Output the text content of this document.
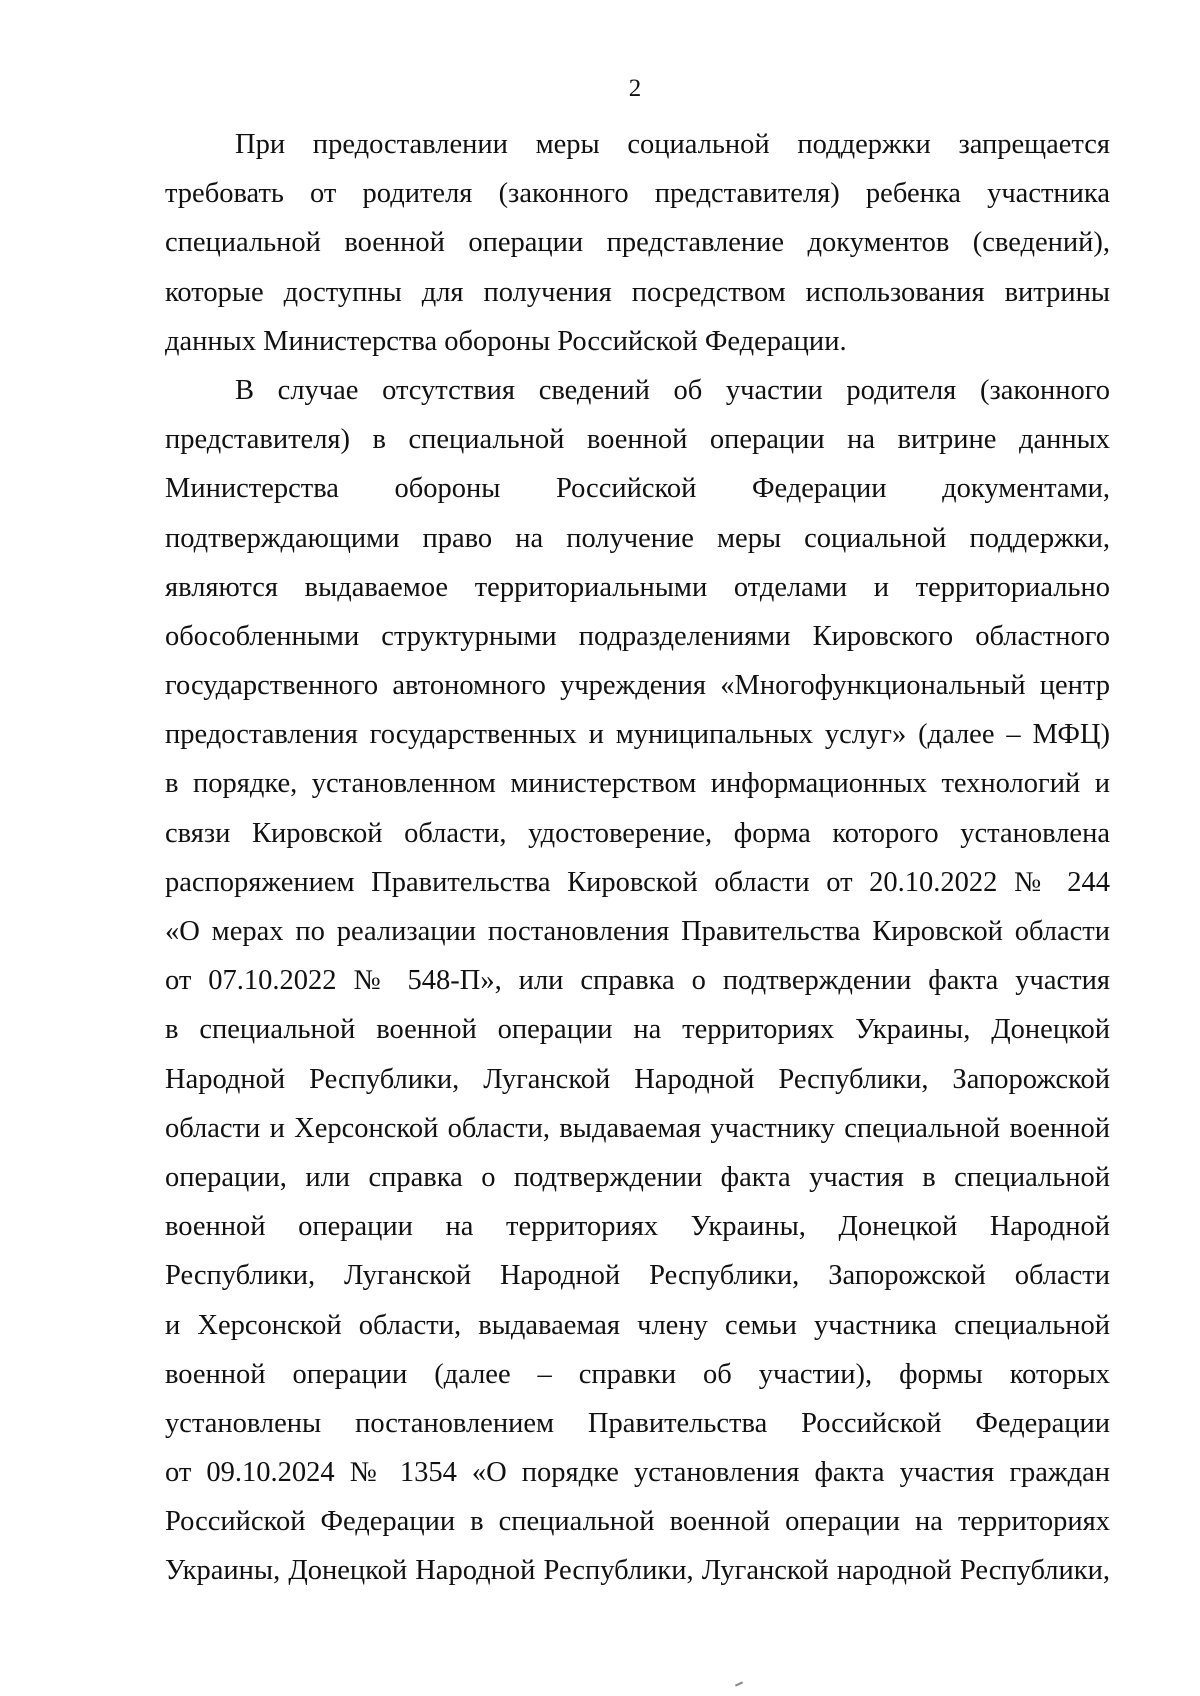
2
При предоставлении меры социальной поддержки запрещается
требовать от родителя (законного представителя) ребенка участника
специальной военной операции представление документов (сведений),
которые доступны для получения посредством использования витрины
данных Министерства обороны Российской Федерации.
В случае отсутствия сведений об участии родителя (законного
представителя) в специальной военной операции на витрине данных
Министерства обороны Российской Федерации документами,
подтверждающими право на получение меры социальной поддержки,
являются выдаваемое территориальными отделами и территориально
обособленными структурными подразделениями Кировского областного
государственного автономного учреждения «Многофункциональный центр
предоставления государственных и муниципальных услуг» (далее – МФЦ)
в порядке, установленном министерством информационных технологий и
связи Кировской области, удостоверение, форма которого установлена
распоряжением Правительства Кировской области от 20.10.2022 № 244
«О мерах по реализации постановления Правительства Кировской области
от 07.10.2022 № 548-П», или справка о подтверждении факта участия
в специальной военной операции на территориях Украины, Донецкой
Народной Республики, Луганской Народной Республики, Запорожской
области и Херсонской области, выдаваемая участнику специальной военной
операции, или справка о подтверждении факта участия в специальной
военной операции на территориях Украины, Донецкой Народной
Республики, Луганской Народной Республики, Запорожской области
и Херсонской области, выдаваемая члену семьи участника специальной
военной операции (далее – справки об участии), формы которых
установлены постановлением Правительства Российской Федерации
от 09.10.2024 № 1354 «О порядке установления факта участия граждан
Российской Федерации в специальной военной операции на территориях
Украины, Донецкой Народной Республики, Луганской народной Республики,
